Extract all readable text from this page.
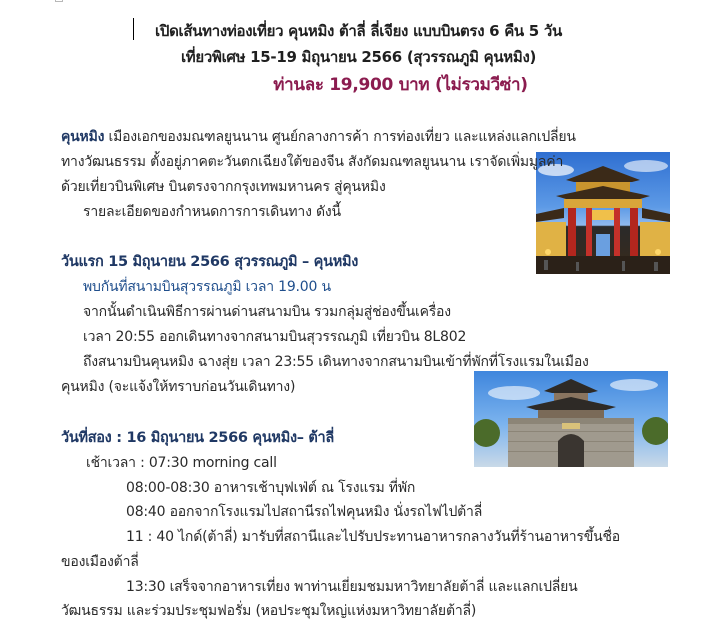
เปิดเส้นทางท่องเที่ยว คุนหมิง ต้าลี่ ลี่เจียง แบบบินตรง 6 คืน 5 วัน
เที่ยวพิเศษ 15-19 มิถุนายน 2566 (สุวรรณภูมิ คุนหมิง)
ท่านละ 19,900 บาท (ไม่รวมวีซ่า)
คุนหมิง เมืองเอกของมณฑลยูนนาน ศูนย์กลางการค้า การท่องเที่ยว และแหล่งแลกเปลี่ยน
ทางวัฒนธรรม ตั้งอยู่ภาคตะวันตกเฉียงใต้ของจีน สังกัดมณฑลยูนนาน เราจัดเพิ่มมูลค่า
ด้วยเที่ยวบินพิเศษ บินตรงจากกรุงเทพมหานคร สู่คุนหมิง
รายละเอียดของกำหนดการการเดินทาง ดังนี้
วันแรก 15 มิถุนายน 2566 สุวรรณภูมิ – คุนหมิง
พบกันที่สนามบินสุวรรณภูมิ เวลา 19.00 น
จากนั้นดำเนินพิธีการผ่านด่านสนามบิน รวมกลุ่มสู่ช่องขึ้นเครื่อง
เวลา 20:55 ออกเดินทางจากสนามบินสุวรรณภูมิ เที่ยวบิน 8L802
ถึงสนามบินคุนหมิง ฉางสุ่ย เวลา 23:55 เดินทางจากสนามบินเข้าที่พักที่โรงแรมในเมือง
คุนหมิง (จะแจ้งให้ทราบก่อนวันเดินทาง)
วันที่สอง : 16 มิถุนายน 2566 คุนหมิง– ต้าลี่
เช้าเวลา : 07:30 morning call
08:00-08:30 อาหารเช้าบุฟเฟ่ต์ ณ โรงแรม ที่พัก
08:40 ออกจากโรงแรมไปสถานีรถไฟคุนหมิง นั่งรถไฟไปต้าลี่
11 : 40 ไกด์(ต้าลี่) มารับที่สถานีและไปรับประทานอาหารกลางวันที่ร้านอาหารขึ้นชื่อ
ของเมืองต้าลี่
13:30 เสร็จจากอาหารเที่ยง พาท่านเยี่ยมชมมหาวิทยาลัยต้าลี่ และแลกเปลี่ยน
วัฒนธรรม และร่วมประชุมฟอรั่ม (หอประชุมใหญ่แห่งมหาวิทยาลัยต้าลี่)
